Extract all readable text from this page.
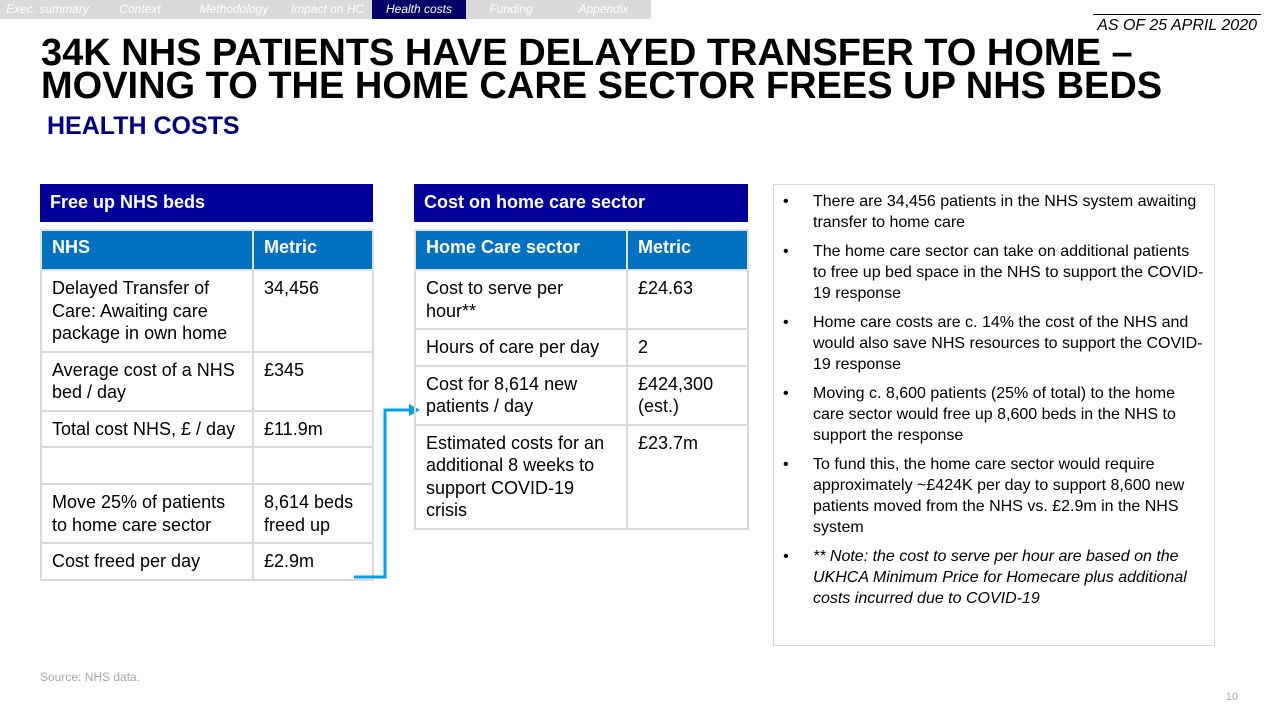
Exec. summary	Context	Methodology	Impact on HC	Health costs	Funding	Appendix
AS OF 25 APRIL 2020
34K NHS PATIENTS HAVE DELAYED TRANSFER TO HOME –
MOVING TO THE HOME CARE SECTOR FREES UP NHS BEDS
HEALTH COSTS
Free up NHS beds
NHS	Metric
Delayed Transfer of Care: Awaiting care package in own home	34,456
Average cost of a NHS bed / day	£345
Total cost NHS, £ / day	£11.9m

Move 25% of patients to home care sector	8,614 beds freed up
Cost freed per day	£2.9m
Cost on home care sector
Home Care sector	Metric
Cost to serve per hour**	£24.63
Hours of care per day	2
Cost for 8,614 new patients / day	£424,300 (est.)
Estimated costs for an additional 8 weeks to support COVID-19 crisis	£23.7m
• There are 34,456 patients in the NHS system awaiting transfer to home care
• The home care sector can take on additional patients to free up bed space in the NHS to support the COVID-19 response
• Home care costs are c. 14% the cost of the NHS and would also save NHS resources to support the COVID-19 response
• Moving c. 8,600 patients (25% of total) to the home care sector would free up 8,600 beds in the NHS to support the response
• To fund this, the home care sector would require approximately ~£424K per day to support 8,600 new patients moved from the NHS vs. £2.9m in the NHS system
• ** Note: the cost to serve per hour are based on the UKHCA Minimum Price for Homecare plus additional costs incurred due to COVID-19
Source: NHS data.
10
